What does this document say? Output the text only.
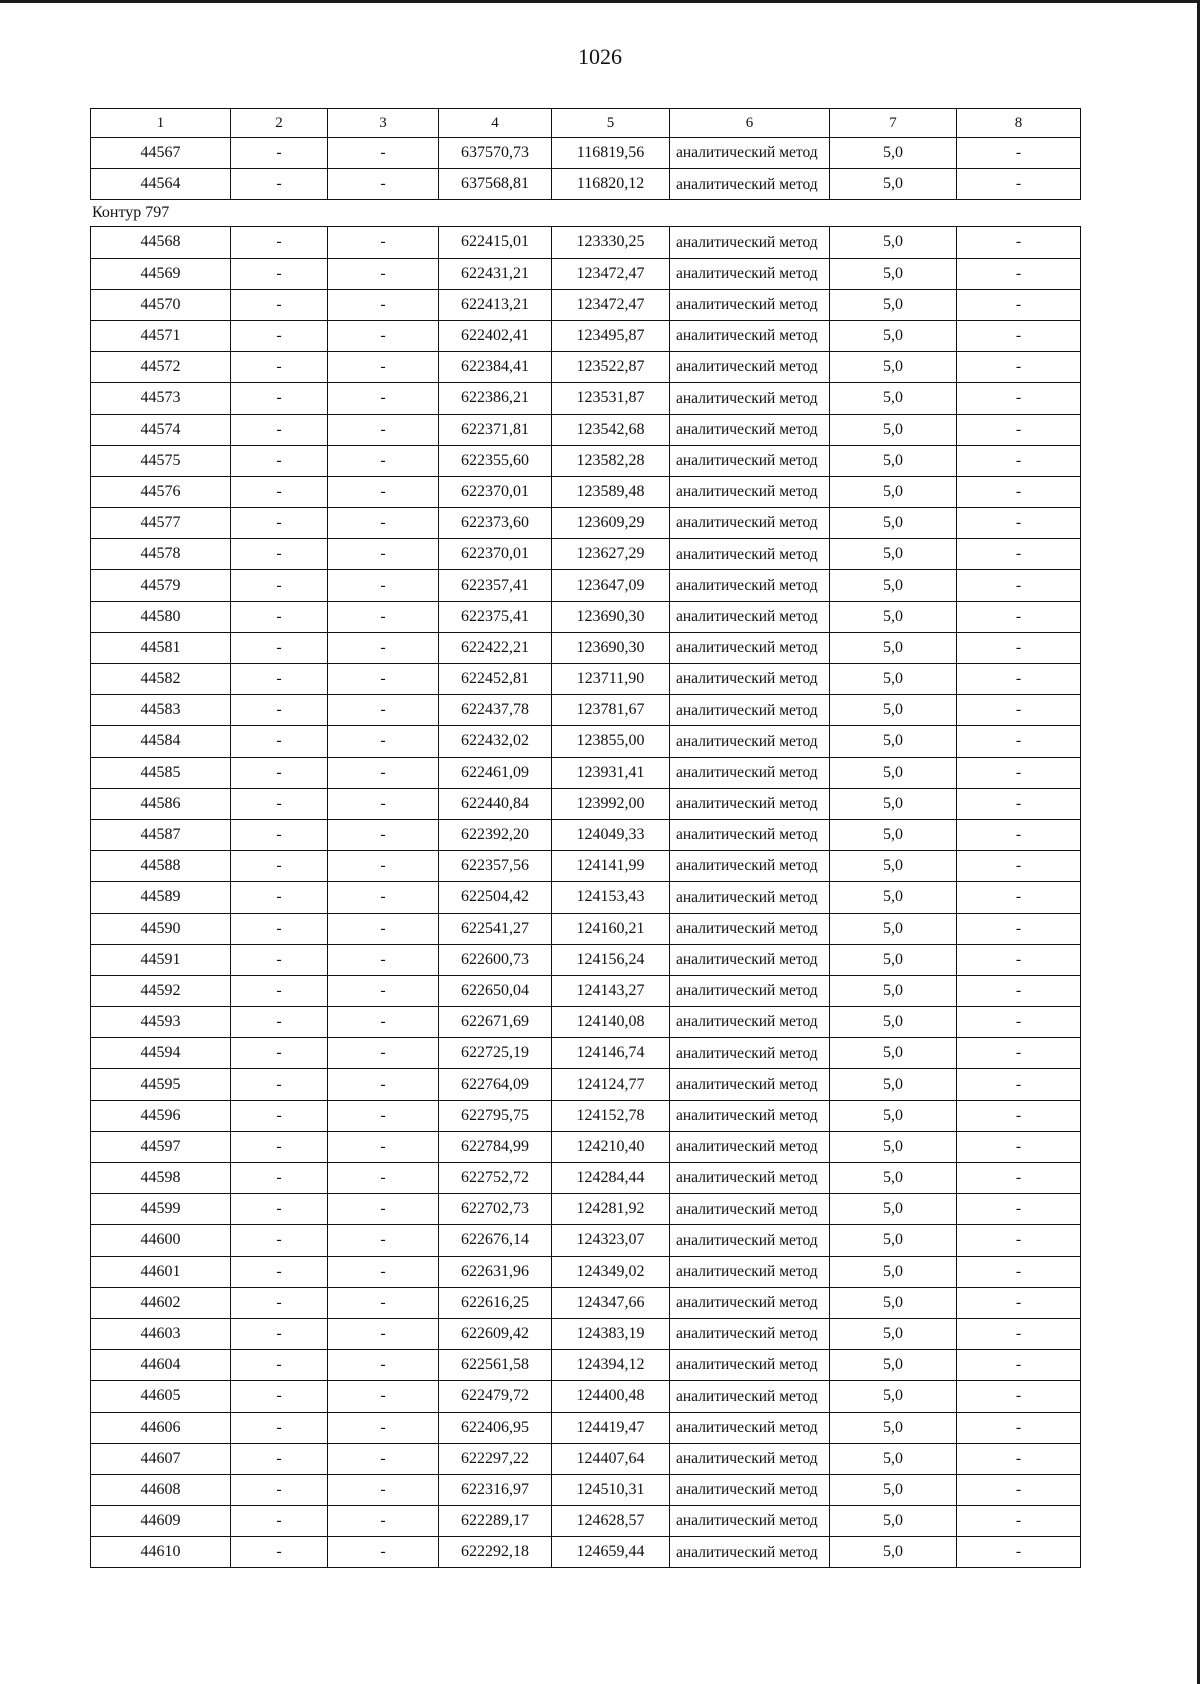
1026
1	2	3	4	5	6	7	8
44567	-	-	637570,73	116819,56	аналитический метод	5,0	-
44564	-	-	637568,81	116820,12	аналитический метод	5,0	-
Контур 797
44568	-	-	622415,01	123330,25	аналитический метод	5,0	-
44569	-	-	622431,21	123472,47	аналитический метод	5,0	-
44570	-	-	622413,21	123472,47	аналитический метод	5,0	-
44571	-	-	622402,41	123495,87	аналитический метод	5,0	-
44572	-	-	622384,41	123522,87	аналитический метод	5,0	-
44573	-	-	622386,21	123531,87	аналитический метод	5,0	-
44574	-	-	622371,81	123542,68	аналитический метод	5,0	-
44575	-	-	622355,60	123582,28	аналитический метод	5,0	-
44576	-	-	622370,01	123589,48	аналитический метод	5,0	-
44577	-	-	622373,60	123609,29	аналитический метод	5,0	-
44578	-	-	622370,01	123627,29	аналитический метод	5,0	-
44579	-	-	622357,41	123647,09	аналитический метод	5,0	-
44580	-	-	622375,41	123690,30	аналитический метод	5,0	-
44581	-	-	622422,21	123690,30	аналитический метод	5,0	-
44582	-	-	622452,81	123711,90	аналитический метод	5,0	-
44583	-	-	622437,78	123781,67	аналитический метод	5,0	-
44584	-	-	622432,02	123855,00	аналитический метод	5,0	-
44585	-	-	622461,09	123931,41	аналитический метод	5,0	-
44586	-	-	622440,84	123992,00	аналитический метод	5,0	-
44587	-	-	622392,20	124049,33	аналитический метод	5,0	-
44588	-	-	622357,56	124141,99	аналитический метод	5,0	-
44589	-	-	622504,42	124153,43	аналитический метод	5,0	-
44590	-	-	622541,27	124160,21	аналитический метод	5,0	-
44591	-	-	622600,73	124156,24	аналитический метод	5,0	-
44592	-	-	622650,04	124143,27	аналитический метод	5,0	-
44593	-	-	622671,69	124140,08	аналитический метод	5,0	-
44594	-	-	622725,19	124146,74	аналитический метод	5,0	-
44595	-	-	622764,09	124124,77	аналитический метод	5,0	-
44596	-	-	622795,75	124152,78	аналитический метод	5,0	-
44597	-	-	622784,99	124210,40	аналитический метод	5,0	-
44598	-	-	622752,72	124284,44	аналитический метод	5,0	-
44599	-	-	622702,73	124281,92	аналитический метод	5,0	-
44600	-	-	622676,14	124323,07	аналитический метод	5,0	-
44601	-	-	622631,96	124349,02	аналитический метод	5,0	-
44602	-	-	622616,25	124347,66	аналитический метод	5,0	-
44603	-	-	622609,42	124383,19	аналитический метод	5,0	-
44604	-	-	622561,58	124394,12	аналитический метод	5,0	-
44605	-	-	622479,72	124400,48	аналитический метод	5,0	-
44606	-	-	622406,95	124419,47	аналитический метод	5,0	-
44607	-	-	622297,22	124407,64	аналитический метод	5,0	-
44608	-	-	622316,97	124510,31	аналитический метод	5,0	-
44609	-	-	622289,17	124628,57	аналитический метод	5,0	-
44610	-	-	622292,18	124659,44	аналитический метод	5,0	-
